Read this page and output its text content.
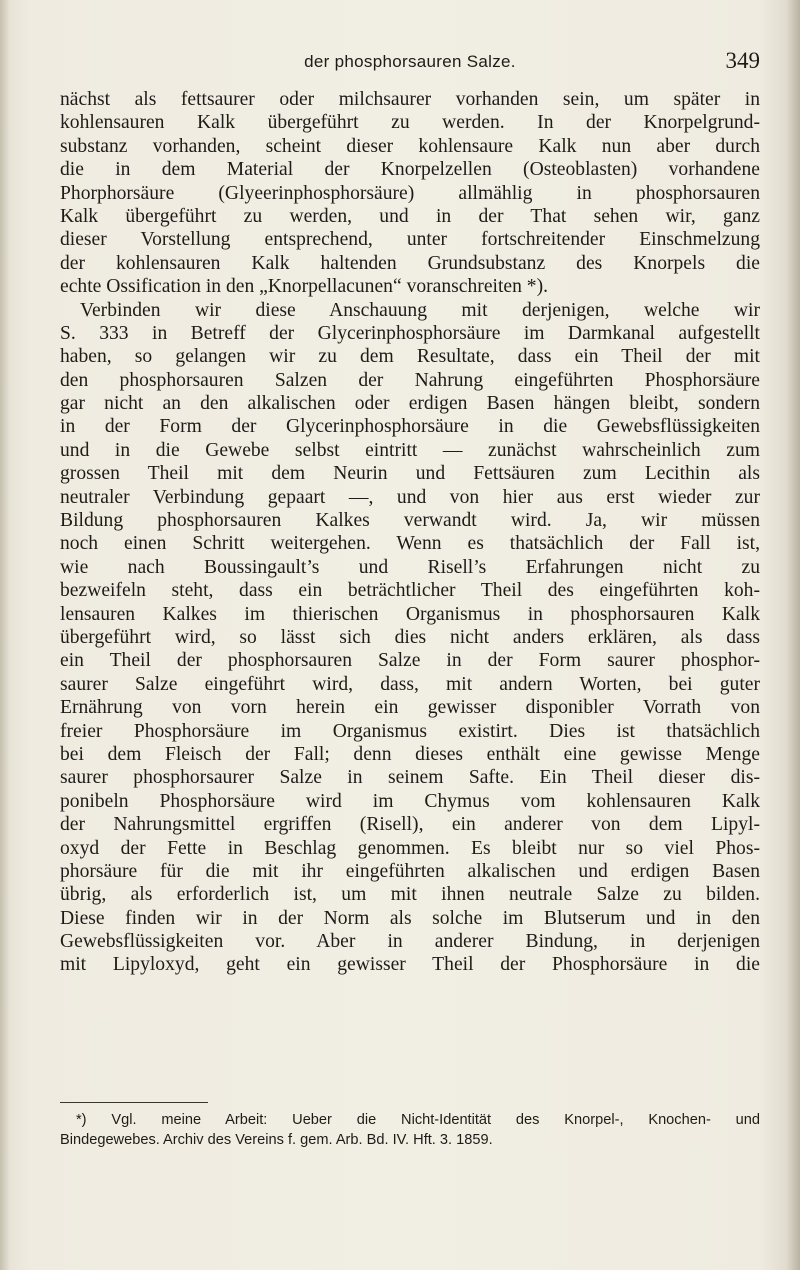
der phosphorsauren Salze.	349
nächst als fettsaurer oder milchsaurer vorhanden sein, um später in
kohlensauren Kalk übergeführt zu werden. In der Knorpelgrund-
substanz vorhanden, scheint dieser kohlensaure Kalk nun aber durch
die in dem Material der Knorpelzellen (Osteoblasten) vorhandene
Phorphorsäure (Glyeerinphosphorsäure) allmählig in phosphorsauren
Kalk übergeführt zu werden, und in der That sehen wir, ganz
dieser Vorstellung entsprechend, unter fortschreitender Einschmelzung
der kohlensauren Kalk haltenden Grundsubstanz des Knorpels die
echte Ossification in den „Knorpellacunen“ voranschreiten *).
Verbinden wir diese Anschauung mit derjenigen, welche wir
S. 333 in Betreff der Glycerinphosphorsäure im Darmkanal aufgestellt
haben, so gelangen wir zu dem Resultate, dass ein Theil der mit
den phosphorsauren Salzen der Nahrung eingeführten Phosphorsäure
gar nicht an den alkalischen oder erdigen Basen hängen bleibt, sondern
in der Form der Glycerinphosphorsäure in die Gewebsflüssigkeiten
und in die Gewebe selbst eintritt — zunächst wahrscheinlich zum
grossen Theil mit dem Neurin und Fettsäuren zum Lecithin als
neutraler Verbindung gepaart —, und von hier aus erst wieder zur
Bildung phosphorsauren Kalkes verwandt wird. Ja, wir müssen
noch einen Schritt weitergehen. Wenn es thatsächlich der Fall ist,
wie nach Boussingault’s und Risell’s Erfahrungen nicht zu
bezweifeln steht, dass ein beträchtlicher Theil des eingeführten koh-
lensauren Kalkes im thierischen Organismus in phosphorsauren Kalk
übergeführt wird, so lässt sich dies nicht anders erklären, als dass
ein Theil der phosphorsauren Salze in der Form saurer phosphor-
saurer Salze eingeführt wird, dass, mit andern Worten, bei guter
Ernährung von vorn herein ein gewisser disponibler Vorrath von
freier Phosphorsäure im Organismus existirt. Dies ist thatsächlich
bei dem Fleisch der Fall; denn dieses enthält eine gewisse Menge
saurer phosphorsaurer Salze in seinem Safte. Ein Theil dieser dis-
ponibeln Phosphorsäure wird im Chymus vom kohlensauren Kalk
der Nahrungsmittel ergriffen (Risell), ein anderer von dem Lipyl-
oxyd der Fette in Beschlag genommen. Es bleibt nur so viel Phos-
phorsäure für die mit ihr eingeführten alkalischen und erdigen Basen
übrig, als erforderlich ist, um mit ihnen neutrale Salze zu bilden.
Diese finden wir in der Norm als solche im Blutserum und in den
Gewebsflüssigkeiten vor. Aber in anderer Bindung, in derjenigen
mit Lipyloxyd, geht ein gewisser Theil der Phosphorsäure in die
*) Vgl. meine Arbeit: Ueber die Nicht-Identität des Knorpel-, Knochen- und
Bindegewebes. Archiv des Vereins f. gem. Arb. Bd. IV. Hft. 3. 1859.
